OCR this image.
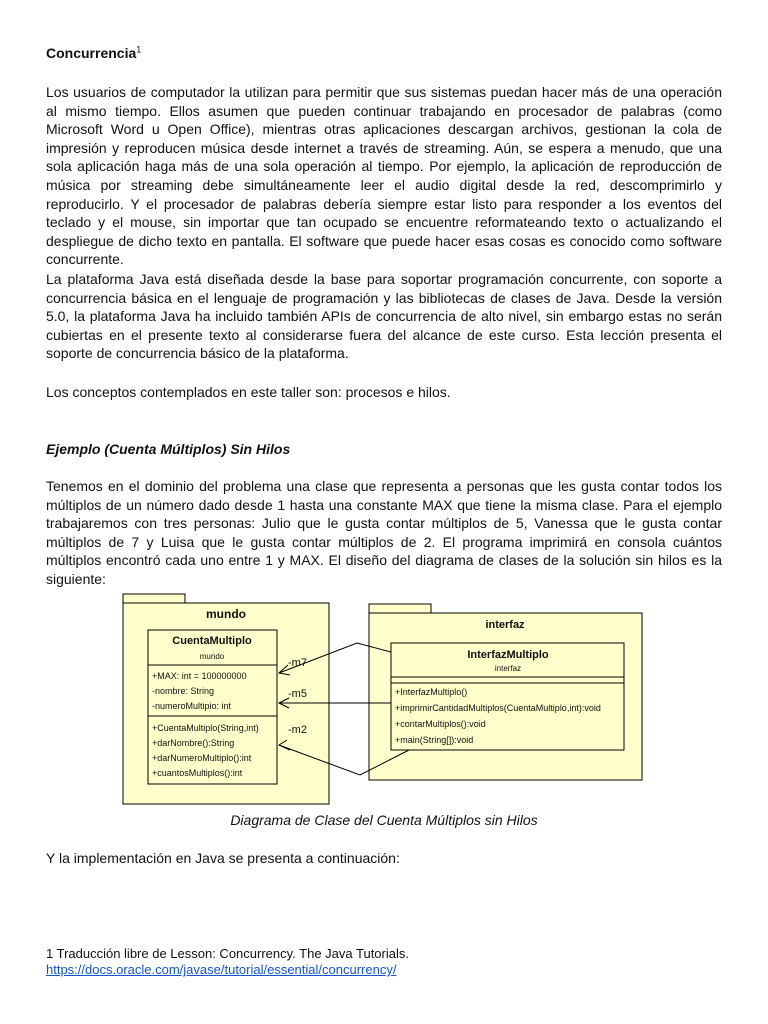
Concurrencia$^1$

Los usuarios de computador la utilizan para permitir que sus sistemas puedan hacer más de una operación al mismo tiempo. Ellos asumen que pueden continuar trabajando en procesador de palabras (como Microsoft Word u Open Office), mientras otras aplicaciones descargan archivos, gestionan la cola de impresión y reproducen música desde internet a través de streaming. Aún, se espera a menudo, que una sola aplicación haga más de una sola operación al tiempo. Por ejemplo, la aplicación de reproducción de música por streaming debe simultáneamente leer el audio digital desde la red, descomprimirlo y reproducirlo. Y el procesador de palabras debería siempre estar listo para responder a los eventos del teclado y el mouse, sin importar que tan ocupado se encuentre reformateando texto o actualizando el despliegue de dicho texto en pantalla. El software que puede hacer esas cosas es conocido como software concurrente.

La plataforma Java está diseñada desde la base para soportar programación concurrente, con soporte a concurrencia básica en el lenguaje de programación y las bibliotecas de clases de Java. Desde la versión 5.0, la plataforma Java ha incluido también APIs de concurrencia de alto nivel, sin embargo estas no serán cubiertas en el presente texto al considerarse fuera del alcance de este curso. Esta lección presenta el soporte de concurrencia básico de la plataforma.

Los conceptos contemplados en este taller son: procesos e hilos.

Ejemplo (Cuenta Múltiplos) Sin Hilos

Tenemos en el dominio del problema una clase que representa a personas que les gusta contar todos los múltiplos de un número dado desde 1 hasta una constante MAX que tiene la misma clase. Para el ejemplo trabajaremos con tres personas: Julio que le gusta contar múltiplos de 5, Vanessa que le gusta contar múltiplos de 7 y Luisa que le gusta contar múltiplos de 2. El programa imprimirá en consola cuántos múltiplos encontró cada uno entre 1 y MAX. El diseño del diagrama de clases de la solución sin hilos es la siguiente:

mundo
CuentaMultiplo
mundo
+MAX: int = 100000000
-nombre: String
-numeroMultipio: int
+CuentaMultiplo(String,int)
+darNombre():String
+darNumeroMultiplo():int
+cuantosMultiplos():int
interfaz
InterfazMultiplo
interfaz
+InterfazMultiplo()
+imprimirCantidadMultiplos(CuentaMultiplo,int):void
+contarMultiplos():void
+main(String[]):void
-m7
-m5
-m2
Diagrama de Clase del Cuenta Múltiplos sin Hilos

Y la implementación en Java se presenta a continuación:

1 Traducción libre de Lesson: Concurrency. The Java Tutorials.
https://docs.oracle.com/javase/tutorial/essential/concurrency/
